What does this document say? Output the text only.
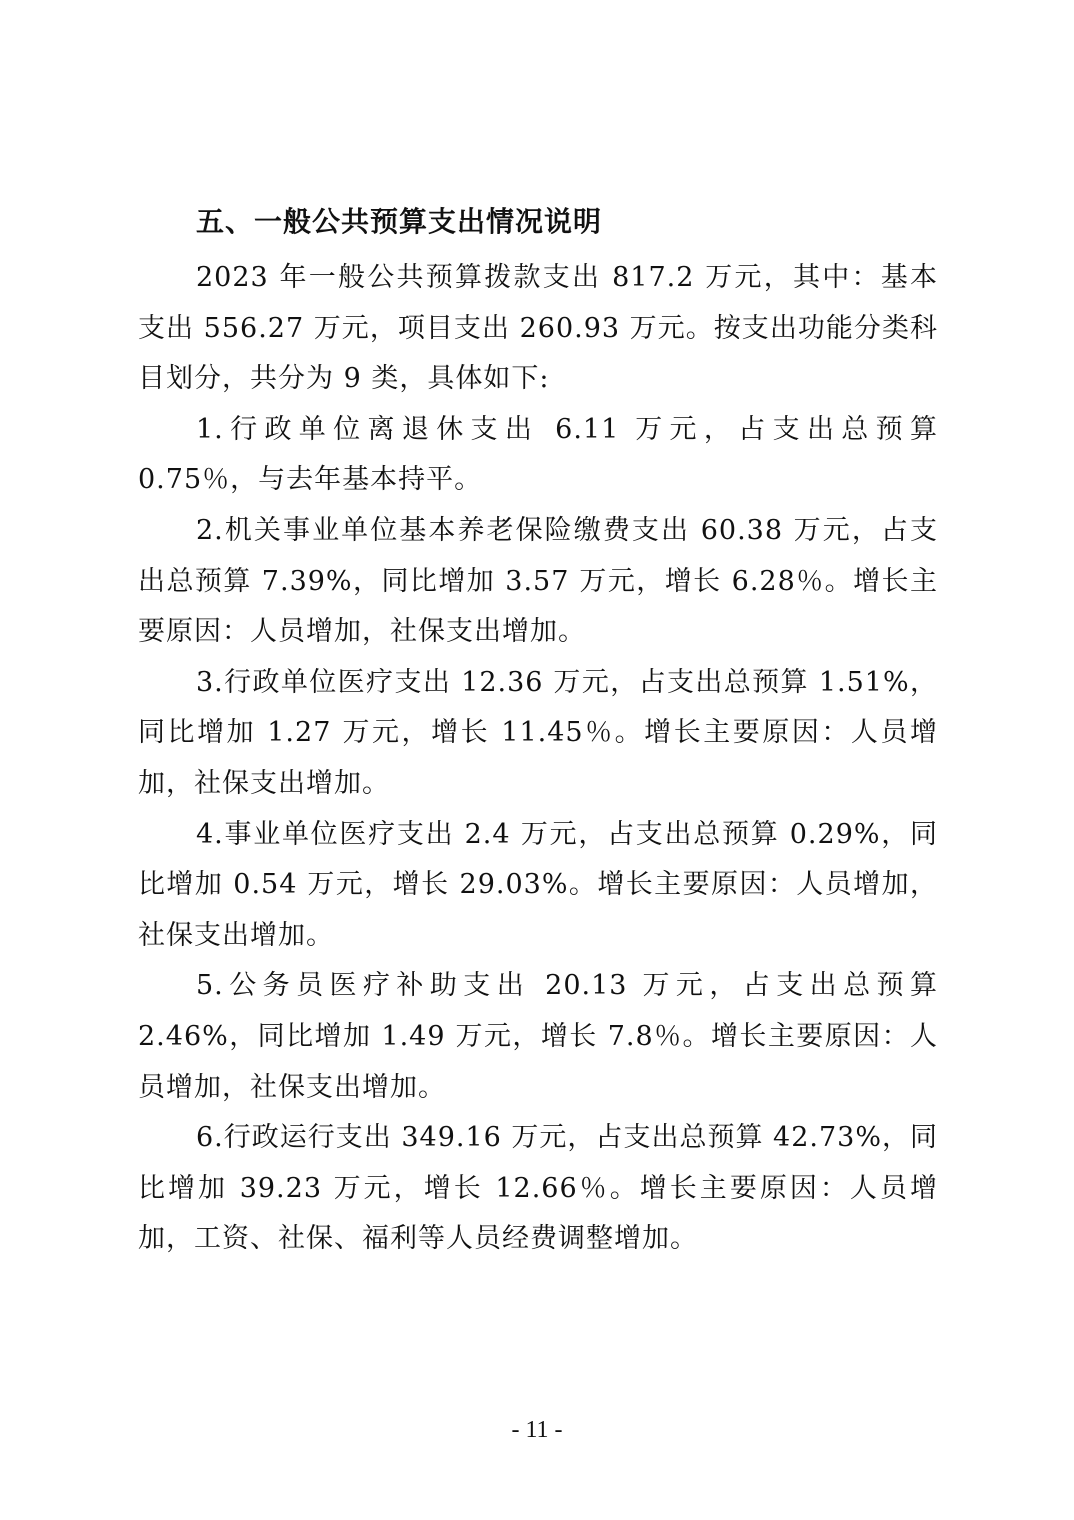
五、一般公共预算支出情况说明

2023 年一般公共预算拨款支出 817.2 万元，其中：基本支出 556.27 万元，项目支出 260.93 万元。按支出功能分类科目划分，共分为 9 类，具体如下:

1.行政单位离退休支出 6.11 万元，占支出总预算 0.75％，与去年基本持平。

2.机关事业单位基本养老保险缴费支出 60.38 万元，占支出总预算 7.39%，同比增加 3.57 万元，增长 6.28％。增长主要原因：人员增加，社保支出增加。

3.行政单位医疗支出 12.36 万元，占支出总预算 1.51%，同比增加 1.27 万元，增长 11.45％。增长主要原因：人员增加，社保支出增加。

4.事业单位医疗支出 2.4 万元，占支出总预算 0.29%，同比增加 0.54 万元，增长 29.03%。增长主要原因：人员增加，社保支出增加。

5.公务员医疗补助支出 20.13 万元，占支出总预算 2.46%，同比增加 1.49 万元，增长 7.8％。增长主要原因：人员增加，社保支出增加。

6.行政运行支出 349.16 万元，占支出总预算 42.73%，同比增加 39.23 万元，增长 12.66％。增长主要原因：人员增加，工资、社保、福利等人员经费调整增加。

- 11 -
